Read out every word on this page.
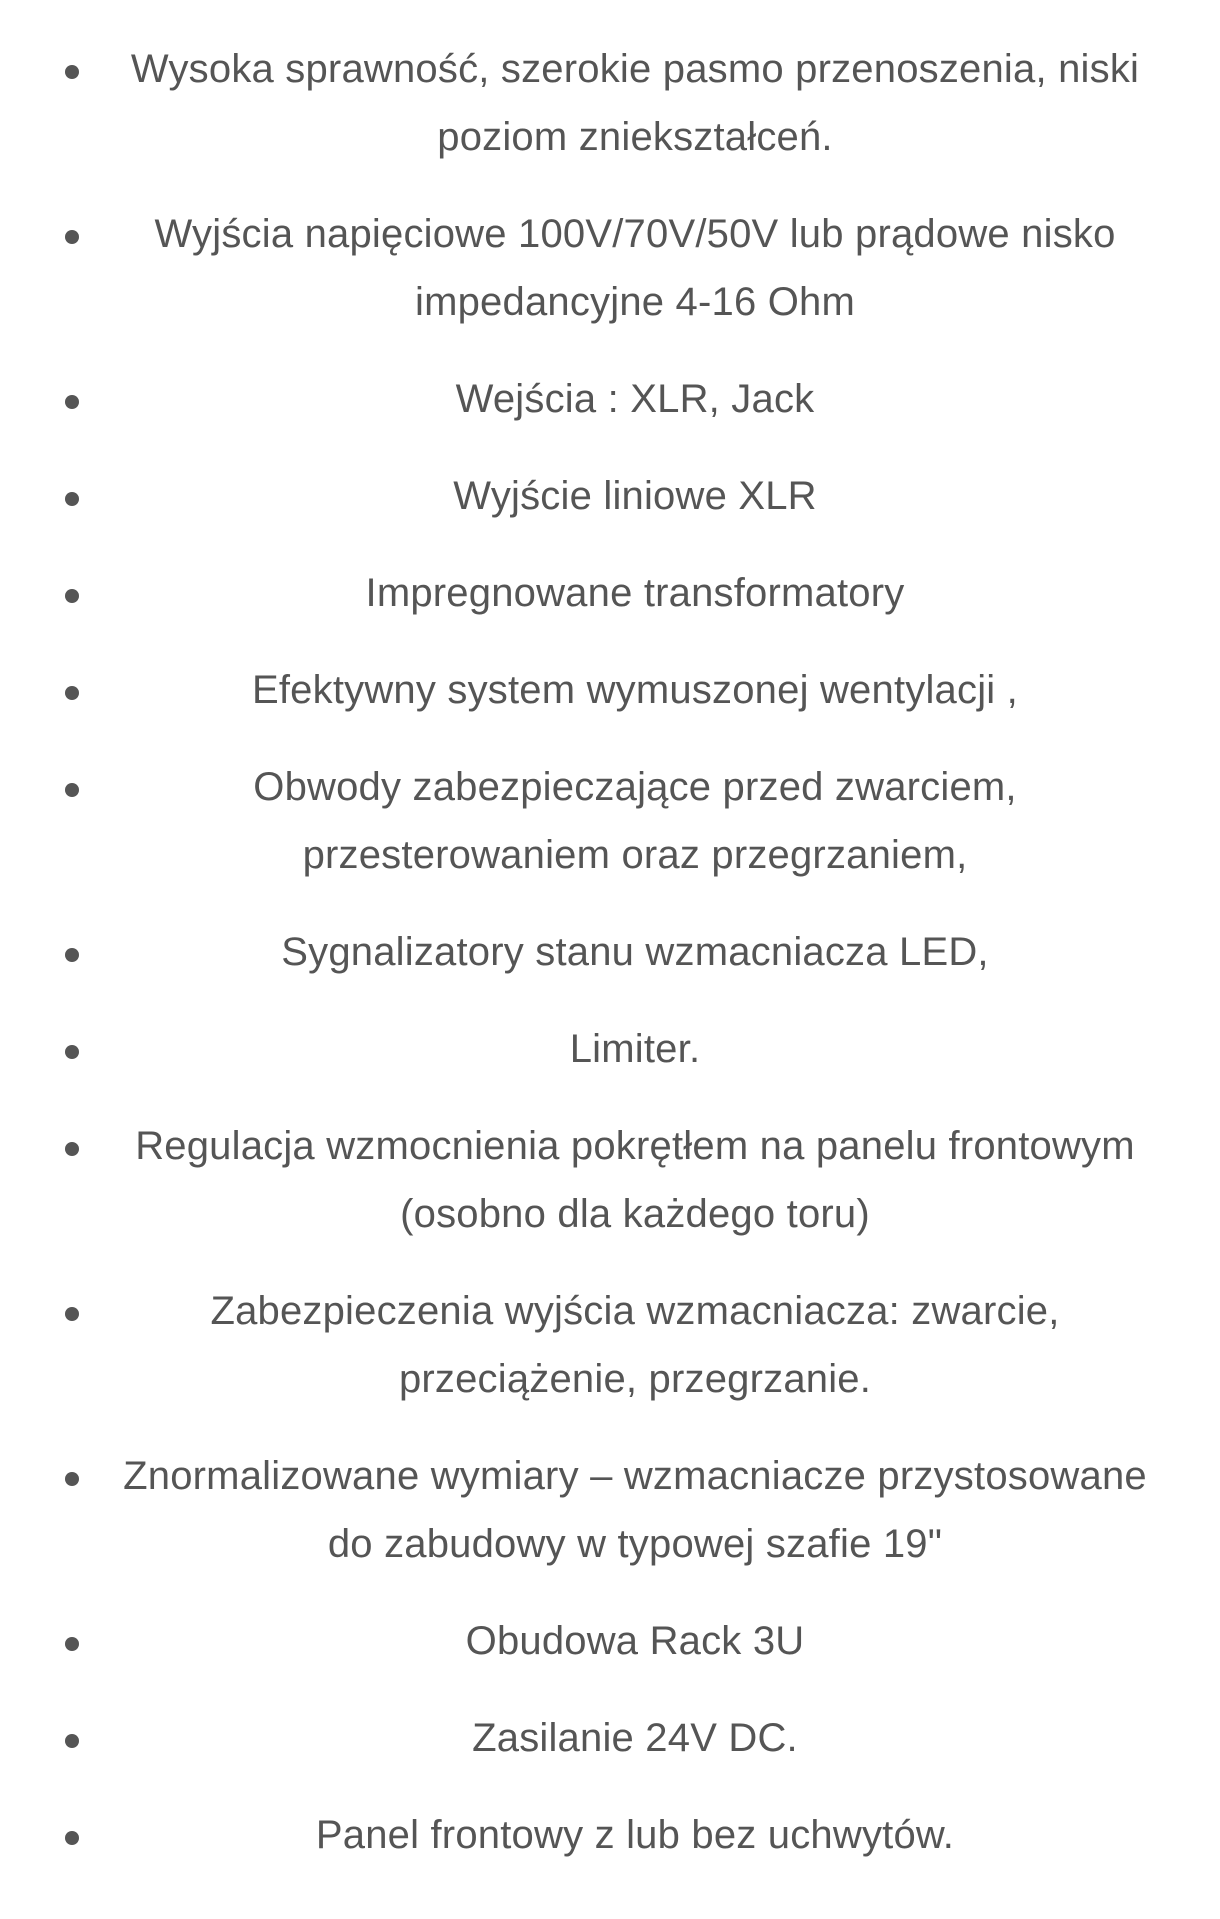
Wysoka sprawność, szerokie pasmo przenoszenia, niski poziom zniekształceń.
Wyjścia napięciowe 100V/70V/50V lub prądowe nisko impedancyjne 4-16 Ohm
Wejścia : XLR, Jack
Wyjście liniowe XLR
Impregnowane transformatory
Efektywny system wymuszonej wentylacji ,
Obwody zabezpieczające przed zwarciem, przesterowaniem oraz przegrzaniem,
Sygnalizatory stanu wzmacniacza LED,
Limiter.
Regulacja wzmocnienia pokrętłem na panelu frontowym (osobno dla każdego toru)
Zabezpieczenia wyjścia wzmacniacza: zwarcie, przeciążenie, przegrzanie.
Znormalizowane wymiary – wzmacniacze przystosowane do zabudowy w typowej szafie 19"
Obudowa Rack 3U
Zasilanie 24V DC.
Panel frontowy z lub bez uchwytów.
